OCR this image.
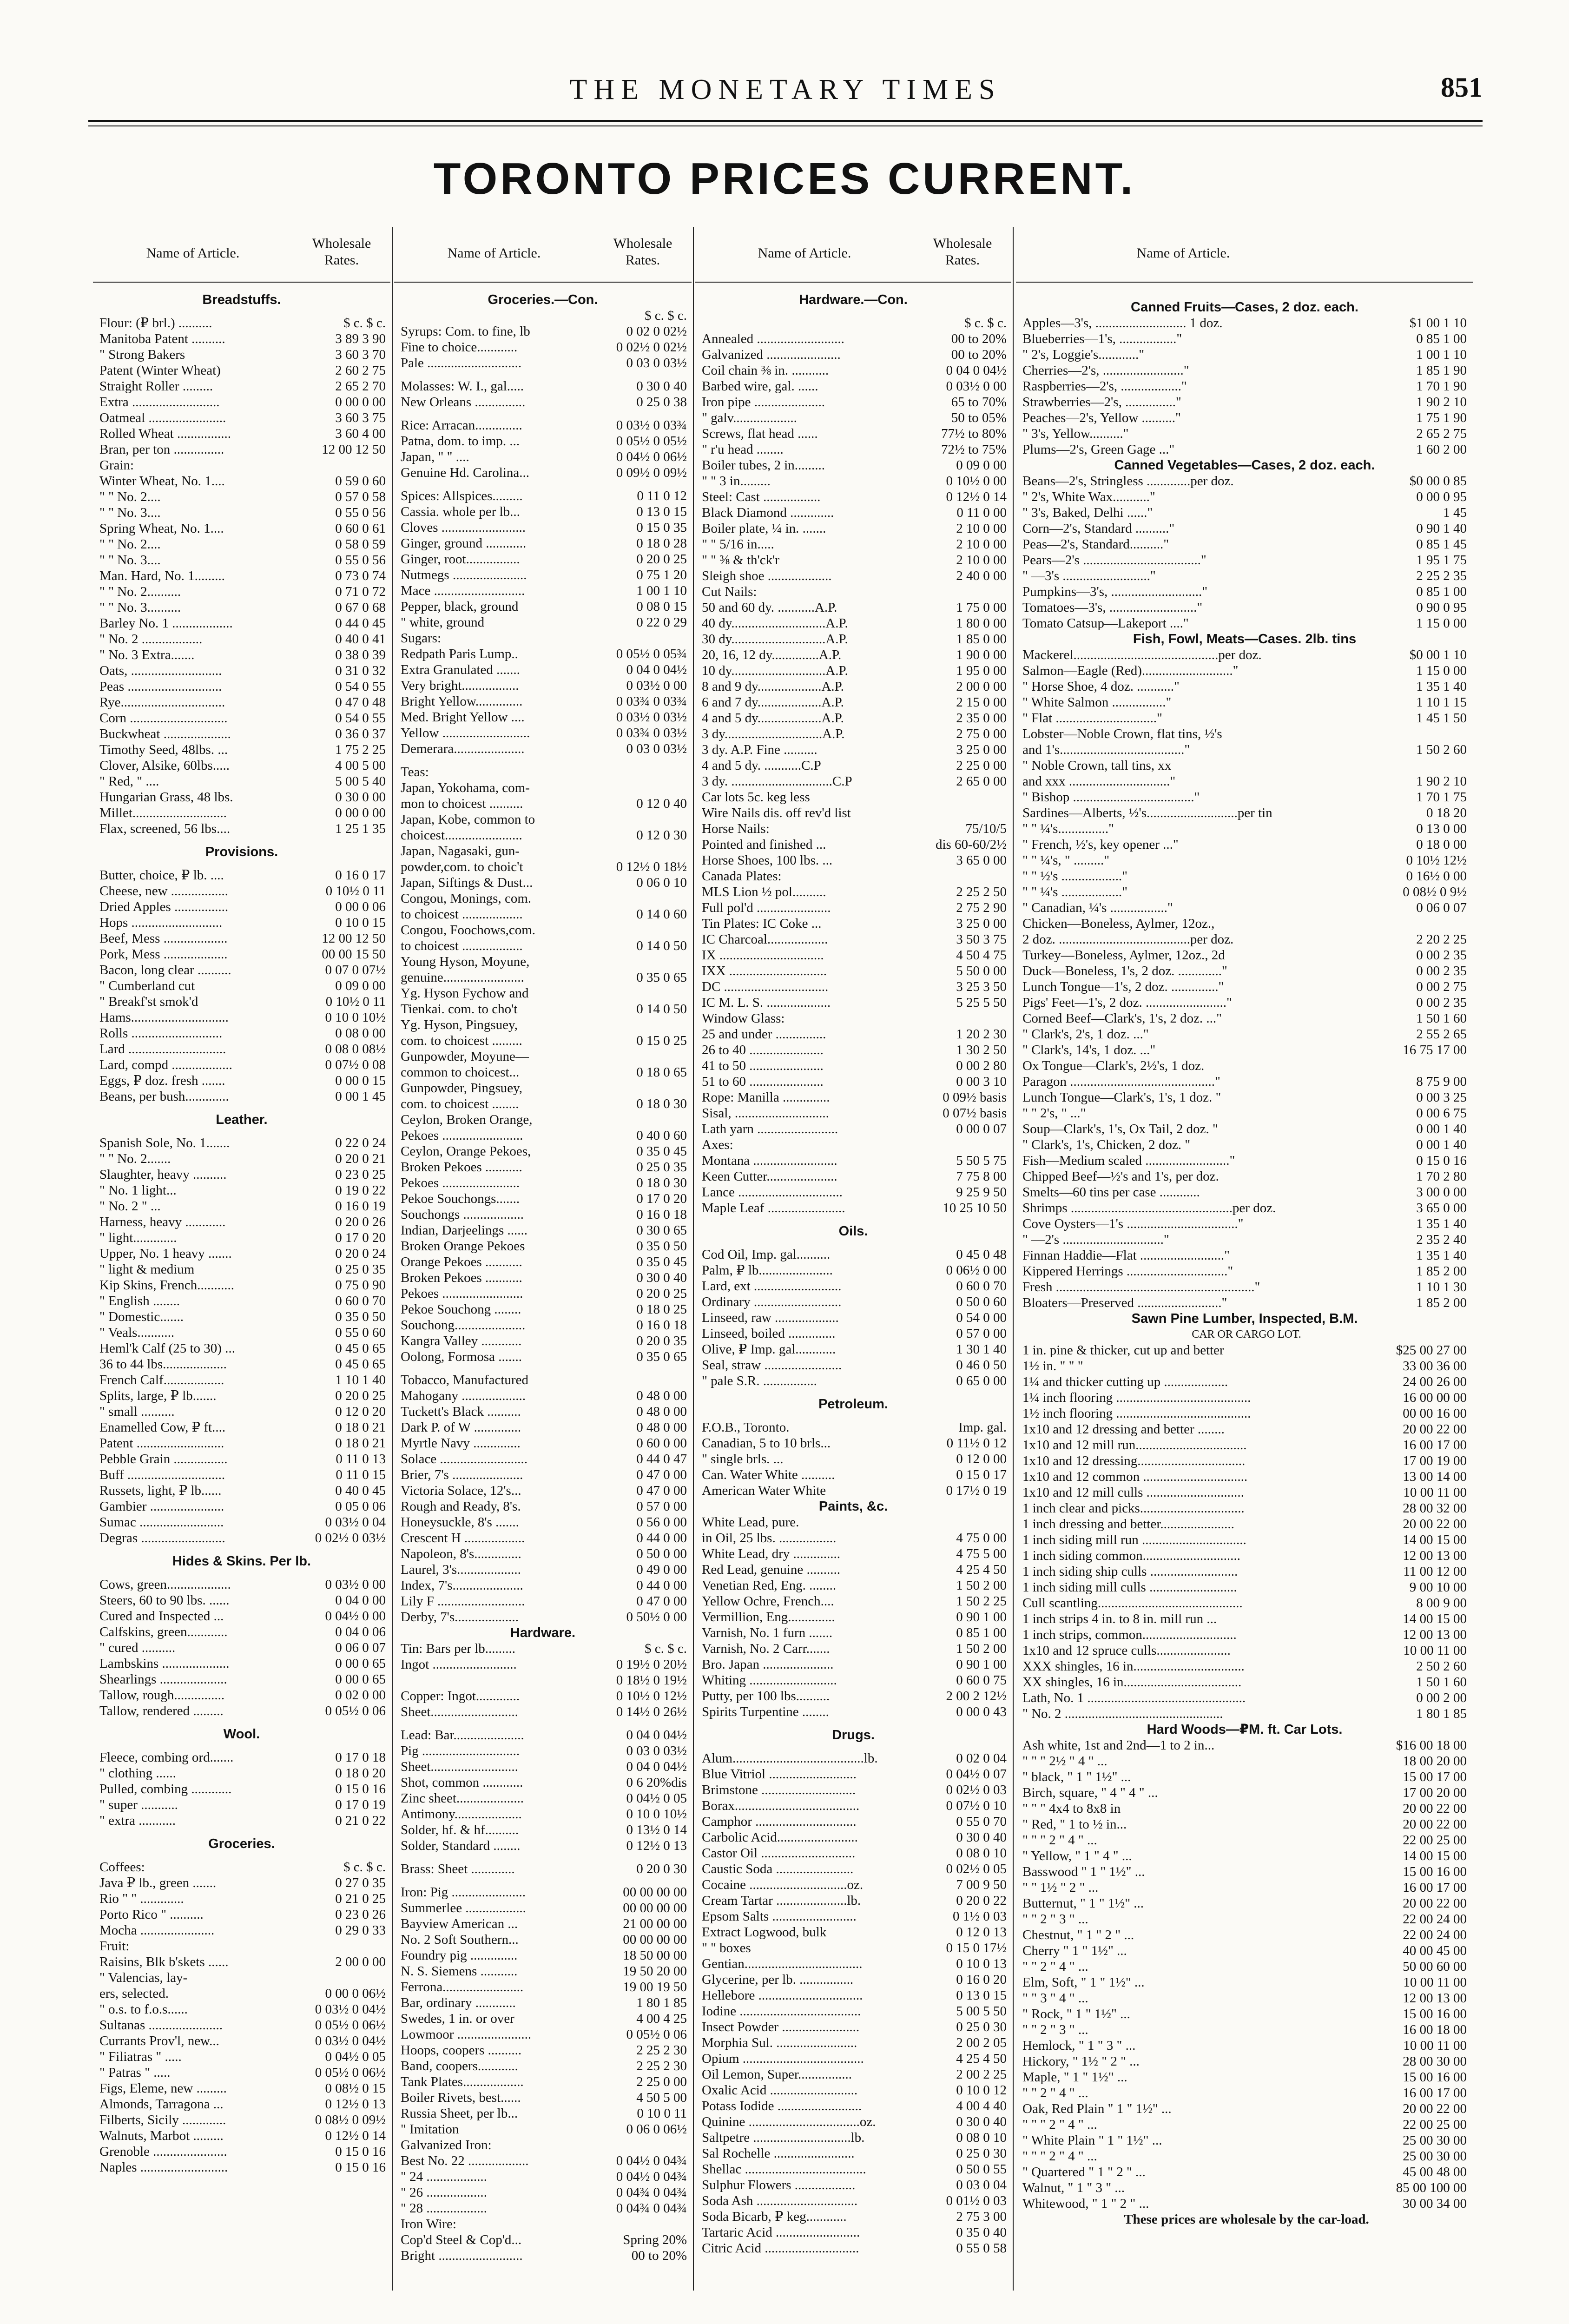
THE MONETARY TIMES	851
TORONTO PRICES CURRENT.
Name of Article.
Wholesale Rates.
Breadstuffs.
Flour: (₽ brl.) ..........	$ c. $ c.
Manitoba Patent ..........	3 89 3 90
" Strong Bakers	3 60 3 70
Patent (Winter Wheat)	2 60 2 75
Straight Roller .........	2 65 2 70
Extra ..........................	0 00 0 00
Oatmeal .......................	3 60 3 75
Rolled Wheat ................	3 60 4 00
Bran, per ton ...............	12 00 12 50
Grain:
Winter Wheat, No. 1....	0 59 0 60
" " No. 2....	0 57 0 58
" " No. 3....	0 55 0 56
Spring Wheat, No. 1....	0 60 0 61
" " No. 2....	0 58 0 59
" " No. 3....	0 55 0 56
Man. Hard, No. 1.........	0 73 0 74
" " No. 2..........	0 71 0 72
" " No. 3..........	0 67 0 68
Barley No. 1 ..................	0 44 0 45
" No. 2 ..................	0 40 0 41
" No. 3 Extra.......	0 38 0 39
Oats, ...........................	0 31 0 32
Peas ............................	0 54 0 55
Rye...............................	0 47 0 48
Corn .............................	0 54 0 55
Buckwheat ....................	0 36 0 37
Timothy Seed, 48lbs. ...	1 75 2 25
Clover, Alsike, 60lbs.....	4 00 5 00
" Red, " ....	5 00 5 40
Hungarian Grass, 48 lbs.	0 30 0 00
Millet............................	0 00 0 00
Flax, screened, 56 lbs....	1 25 1 35
Provisions.
Butter, choice, ₽ lb. ....	0 16 0 17
Cheese, new .................	0 10½ 0 11
Dried Apples ................	0 00 0 06
Hops ...........................	0 10 0 15
Beef, Mess ...................	12 00 12 50
Pork, Mess ...................	00 00 15 50
Bacon, long clear ..........	0 07 0 07½
" Cumberland cut	0 09 0 00
" Breakf'st smok'd	0 10½ 0 11
Hams.............................	0 10 0 10½
Rolls ...........................	0 08 0 00
Lard .............................	0 08 0 08½
Lard, compd ..................	0 07½ 0 08
Eggs, ₽ doz. fresh .......	0 00 0 15
Beans, per bush.............	0 00 1 45
Leather.
Spanish Sole, No. 1.......	0 22 0 24
" " No. 2.......	0 20 0 21
Slaughter, heavy ..........	0 23 0 25
" No. 1 light...	0 19 0 22
" No. 2 " ...	0 16 0 19
Harness, heavy ............	0 20 0 26
" light.............	0 17 0 20
Upper, No. 1 heavy .......	0 20 0 24
" light & medium	0 25 0 35
Kip Skins, French...........	0 75 0 90
" English ........	0 60 0 70
" Domestic.......	0 35 0 50
" Veals...........	0 55 0 60
Heml'k Calf (25 to 30) ...	0 45 0 65
36 to 44 lbs...................	0 45 0 65
French Calf..................	1 10 1 40
Splits, large, ₽ lb.......	0 20 0 25
" small ..........	0 12 0 20
Enamelled Cow, ₽ ft....	0 18 0 21
Patent ..........................	0 18 0 21
Pebble Grain ................	0 11 0 13
Buff .............................	0 11 0 15
Russets, light, ₽ lb......	0 40 0 45
Gambier ......................	0 05 0 06
Sumac .........................	0 03½ 0 04
Degras .........................	0 02½ 0 03½
Hides & Skins. Per lb.
Cows, green...................	0 03½ 0 00
Steers, 60 to 90 lbs. ......	0 04 0 00
Cured and Inspected ...	0 04½ 0 00
Calfskins, green............	0 04 0 06
" cured ..........	0 06 0 07
Lambskins ....................	0 00 0 65
Shearlings ....................	0 00 0 65
Tallow, rough...............	0 02 0 00
Tallow, rendered .........	0 05½ 0 06
Wool.
Fleece, combing ord.......	0 17 0 18
" clothing ......	0 18 0 20
Pulled, combing ............	0 15 0 16
" super ...........	0 17 0 19
" extra ...........	0 21 0 22
Groceries.
Coffees:	$ c. $ c.
Java ₽ lb., green .......	0 27 0 35
Rio " " .............	0 21 0 25
Porto Rico " ..........	0 23 0 26
Mocha ......................	0 29 0 33
Fruit:
Raisins, Blk b'skets ......	2 00 0 00
" Valencias, lay-
ers, selected.	0 00 0 06½
" o.s. to f.o.s......	0 03½ 0 04½
Sultanas ......................	0 05½ 0 06½
Currants Prov'l, new...	0 03½ 0 04½
" Filiatras " .....	0 04½ 0 05
" Patras " .....	0 05½ 0 06½
Figs, Eleme, new .........	0 08½ 0 15
Almonds, Tarragona ...	0 12½ 0 13
Filberts, Sicily .............	0 08½ 0 09½
Walnuts, Marbot .........	0 12½ 0 14
Grenoble ......................	0 15 0 16
Naples ..........................	0 15 0 16
Name of Article.
Wholesale Rates.
Groceries.—Con.
$ c. $ c.
Syrups: Com. to fine, lb	0 02 0 02½
Fine to choice............	0 02½ 0 02½
Pale ............................	0 03 0 03½
Molasses: W. I., gal.....	0 30 0 40
New Orleans ...............	0 25 0 38
Rice: Arracan..............	0 03½ 0 03¾
Patna, dom. to imp. ...	0 05½ 0 05½
Japan, " " ....	0 04½ 0 06½
Genuine Hd. Carolina...	0 09½ 0 09½
Spices: Allspices.........	0 11 0 12
Cassia. whole per lb...	0 13 0 15
Cloves .........................	0 15 0 35
Ginger, ground ............	0 18 0 28
Ginger, root................	0 20 0 25
Nutmegs ......................	0 75 1 20
Mace ...........................	1 00 1 10
Pepper, black, ground	0 08 0 15
" white, ground	0 22 0 29
Sugars:
Redpath Paris Lump..	0 05½ 0 05¾
Extra Granulated .......	0 04 0 04½
Very bright.................	0 03½ 0 00
Bright Yellow..............	0 03¾ 0 03¾
Med. Bright Yellow ....	0 03½ 0 03½
Yellow ..........................	0 03¾ 0 03½
Demerara.....................	0 03 0 03½
Teas:
Japan, Yokohama, com-
mon to choicest ..........	0 12 0 40
Japan, Kobe, common to
choicest.......................	0 12 0 30
Japan, Nagasaki, gun-
powder,com. to choic't	0 12½ 0 18½
Japan, Siftings & Dust...	0 06 0 10
Congou, Monings, com.
to choicest ..................	0 14 0 60
Congou, Foochows,com.
to choicest ..................	0 14 0 50
Young Hyson, Moyune,
genuine........................	0 35 0 65
Yg. Hyson Fychow and
Tienkai. com. to cho't	0 14 0 50
Yg. Hyson, Pingsuey,
com. to choicest .........	0 15 0 25
Gunpowder, Moyune—
common to choicest...	0 18 0 65
Gunpowder, Pingsuey,
com. to choicest ........	0 18 0 30
Ceylon, Broken Orange,
Pekoes ........................	0 40 0 60
Ceylon, Orange Pekoes,	0 35 0 45
Broken Pekoes ...........	0 25 0 35
Pekoes .......................	0 18 0 30
Pekoe Souchongs.......	0 17 0 20
Souchongs ..................	0 16 0 18
Indian, Darjeelings ......	0 30 0 65
Broken Orange Pekoes	0 35 0 50
Orange Pekoes ...........	0 35 0 45
Broken Pekoes ...........	0 30 0 40
Pekoes ........................	0 20 0 25
Pekoe Souchong ........	0 18 0 25
Souchong.....................	0 16 0 18
Kangra Valley ............	0 20 0 35
Oolong, Formosa .......	0 35 0 65
Tobacco, Manufactured
Mahogany ...................	0 48 0 00
Tuckett's Black ..........	0 48 0 00
Dark P. of W ..............	0 48 0 00
Myrtle Navy ..............	0 60 0 00
Solace ..........................	0 44 0 47
Brier, 7's .....................	0 47 0 00
Victoria Solace, 12's...	0 47 0 00
Rough and Ready, 8's.	0 57 0 00
Honeysuckle, 8's .......	0 56 0 00
Crescent H ..................	0 44 0 00
Napoleon, 8's..............	0 50 0 00
Laurel, 3's...................	0 49 0 00
Index, 7's.....................	0 44 0 00
Lily F ..........................	0 47 0 00
Derby, 7's...................	0 50½ 0 00
Hardware.
Tin: Bars per lb.........	$ c. $ c.
Ingot .........................	0 19½ 0 20½
0 18½ 0 19½
Copper: Ingot.............	0 10½ 0 12½
Sheet..........................	0 14½ 0 26½
Lead: Bar.....................	0 04 0 04½
Pig .............................	0 03 0 03½
Sheet..........................	0 04 0 04½
Shot, common ............	0 6 20%dis
Zinc sheet....................	0 04½ 0 05
Antimony....................	0 10 0 10½
Solder, hf. & hf..........	0 13½ 0 14
Solder, Standard ........	0 12½ 0 13
Brass: Sheet .............	0 20 0 30
Iron: Pig ......................	00 00 00 00
Summerlee ..................	00 00 00 00
Bayview American ...	21 00 00 00
No. 2 Soft Southern...	00 00 00 00
Foundry pig ..............	18 50 00 00
N. S. Siemens ...........	19 50 20 00
Ferrona........................	19 00 19 50
Bar, ordinary ............	1 80 1 85
Swedes, 1 in. or over	4 00 4 25
Lowmoor ......................	0 05½ 0 06
Hoops, coopers ..........	2 25 2 30
Band, coopers............	2 25 2 30
Tank Plates..................	2 25 0 00
Boiler Rivets, best......	4 50 5 00
Russia Sheet, per lb...	0 10 0 11
" Imitation	0 06 0 06½
Galvanized Iron:
Best No. 22 ..................	0 04½ 0 04¾
" 24 ..................	0 04½ 0 04¾
" 26 ..................	0 04¾ 0 04¾
" 28 ..................	0 04¾ 0 04¾
Iron Wire:
Cop'd Steel & Cop'd...	Spring 20%
Bright .........................	00 to 20%
Name of Article.
Wholesale Rates.
Hardware.—Con.
$ c. $ c.
Annealed ..........................	00 to 20%
Galvanized ......................	00 to 20%
Coil chain ⅜ in. ...........	0 04 0 04½
Barbed wire, gal. ......	0 03½ 0 00
Iron pipe .....................	65 to 70%
" galv...................	50 to 05%
Screws, flat head ......	77½ to 80%
" r'u head ........	72½ to 75%
Boiler tubes, 2 in.........	0 09 0 00
" " 3 in.........	0 10½ 0 00
Steel: Cast .................	0 12½ 0 14
Black Diamond .............	0 11 0 00
Boiler plate, ¼ in. .......	2 10 0 00
" " 5/16 in.....	2 10 0 00
" " ⅜ & th'ck'r	2 10 0 00
Sleigh shoe ...................	2 40 0 00
Cut Nails:
50 and 60 dy. ...........A.P.	1 75 0 00
40 dy............................A.P.	1 80 0 00
30 dy............................A.P.	1 85 0 00
20, 16, 12 dy..............A.P.	1 90 0 00
10 dy............................A.P.	1 95 0 00
8 and 9 dy...................A.P.	2 00 0 00
6 and 7 dy...................A.P.	2 15 0 00
4 and 5 dy...................A.P.	2 35 0 00
3 dy.............................A.P.	2 75 0 00
3 dy. A.P. Fine ..........	3 25 0 00
4 and 5 dy. ...........C.P	2 25 0 00
3 dy. ..............................C.P	2 65 0 00
Car lots 5c. keg less
Wire Nails dis. off rev'd list
Horse Nails:	75/10/5
Pointed and finished ...	dis 60-60/2½
Horse Shoes, 100 lbs. ...	3 65 0 00
Canada Plates:
MLS Lion ½ pol..........	2 25 2 50
Full pol'd ......................	2 75 2 90
Tin Plates: IC Coke ...	3 25 0 00
IC Charcoal..................	3 50 3 75
IX ...............................	4 50 4 75
IXX .............................	5 50 0 00
DC ...............................	3 25 3 50
IC M. L. S. ...................	5 25 5 50
Window Glass:
25 and under ...............	1 20 2 30
26 to 40 ......................	1 30 2 50
41 to 50 ......................	0 00 2 80
51 to 60 ......................	0 00 3 10
Rope: Manilla ..............	0 09½ basis
Sisal, ............................	0 07½ basis
Lath yarn ........................	0 00 0 07
Axes:
Montana .........................	5 50 5 75
Keen Cutter.....................	7 75 8 00
Lance ...............................	9 25 9 50
Maple Leaf .......................	10 25 10 50
Oils.
Cod Oil, Imp. gal..........	0 45 0 48
Palm, ₽ lb......................	0 06½ 0 00
Lard, ext ..........................	0 60 0 70
Ordinary ..........................	0 50 0 60
Linseed, raw ...................	0 54 0 00
Linseed, boiled ..............	0 57 0 00
Olive, ₽ Imp. gal............	1 30 1 40
Seal, straw .......................	0 46 0 50
" pale S.R. ................	0 65 0 00
Petroleum.
F.O.B., Toronto.	Imp. gal.
Canadian, 5 to 10 brls...	0 11½ 0 12
" single brls. ...	0 12 0 00
Can. Water White ..........	0 15 0 17
American Water White	0 17½ 0 19
Paints, &c.
White Lead, pure.
in Oil, 25 lbs. .................	4 75 0 00
White Lead, dry ..............	4 75 5 00
Red Lead, genuine ..........	4 25 4 50
Venetian Red, Eng. ........	1 50 2 00
Yellow Ochre, French....	1 50 2 25
Vermillion, Eng..............	0 90 1 00
Varnish, No. 1 furn .......	0 85 1 00
Varnish, No. 2 Carr.......	1 50 2 00
Bro. Japan .....................	0 90 1 00
Whiting ..........................	0 60 0 75
Putty, per 100 lbs..........	2 00 2 12½
Spirits Turpentine ........	0 00 0 43
Drugs.
Alum.......................................lb.	0 02 0 04
Blue Vitriol ..........................	0 04½ 0 07
Brimstone ............................	0 02½ 0 03
Borax.....................................	0 07½ 0 10
Camphor ..............................	0 55 0 70
Carbolic Acid........................	0 30 0 40
Castor Oil ............................	0 08 0 10
Caustic Soda .......................	0 02½ 0 05
Cocaine .............................oz.	7 00 9 50
Cream Tartar .....................lb.	0 20 0 22
Epsom Salts .........................	0 1½ 0 03
Extract Logwood, bulk	0 12 0 13
" " boxes	0 15 0 17½
Gentian...................................	0 10 0 13
Glycerine, per lb. ................	0 16 0 20
Hellebore ...............................	0 13 0 15
Iodine ....................................	5 00 5 50
Insect Powder .......................	0 25 0 30
Morphia Sul. ........................	2 00 2 05
Opium ....................................	4 25 4 50
Oil Lemon, Super................	2 00 2 25
Oxalic Acid ..........................	0 10 0 12
Potass Iodide .........................	4 00 4 40
Quinine .................................oz.	0 30 0 40
Saltpetre .............................lb.	0 08 0 10
Sal Rochelle ........................	0 25 0 30
Shellac ....................................	0 50 0 55
Sulphur Flowers ..................	0 03 0 04
Soda Ash ..............................	0 01½ 0 03
Soda Bicarb, ₽ keg............	2 75 3 00
Tartaric Acid .........................	0 35 0 40
Citric Acid ............................	0 55 0 58
Name of Article.
Canned Fruits—Cases, 2 doz. each.
Apples—3's, ........................... 1 doz.	$1 00 1 10
Blueberries—1's, ................."	0 85 1 00
" 2's, Loggie's............"	1 00 1 10
Cherries—2's, ........................"	1 85 1 90
Raspberries—2's, .................."	1 70 1 90
Strawberries—2's, ..............."	1 90 2 10
Peaches—2's, Yellow .........."	1 75 1 90
" 3's, Yellow.........."	2 65 2 75
Plums—2's, Green Gage ..."	1 60 2 00
Canned Vegetables—Cases, 2 doz. each.
Beans—2's, Stringless .............per doz.	$0 00 0 85
" 2's, White Wax..........."	0 00 0 95
" 3's, Baked, Delhi ......"	1 45
Corn—2's, Standard .........."	0 90 1 40
Peas—2's, Standard.........."	0 85 1 45
Pears—2's ..................................."	1 95 1 75
" —3's .........................."	2 25 2 35
Pumpkins—3's, ..........................."	0 85 1 00
Tomatoes—3's, .........................."	0 90 0 95
Tomato Catsup—Lakeport ...."	1 15 0 00
Fish, Fowl, Meats—Cases. 2lb. tins
Mackerel...........................................per doz.	$0 00 1 10
Salmon—Eagle (Red)..........................."	1 15 0 00
" Horse Shoe, 4 doz. ..........."	1 35 1 40
" White Salmon ................"	1 10 1 15
" Flat .............................."	1 45 1 50
Lobster—Noble Crown, flat tins, ½'s
and 1's....................................."	1 50 2 60
" Noble Crown, tall tins, xx
and xxx .............................."	1 90 2 10
" Bishop ...................................."	1 70 1 75
Sardines—Alberts, ½'s...........................per tin	0 18 20
" " ¼'s..............."	0 13 0 00
" French, ½'s, key opener ..."	0 18 0 00
" " ¼'s, " ........."	0 10½ 12½
" " ½'s .................."	0 16½ 0 00
" " ¼'s .................."	0 08½ 0 9½
" Canadian, ¼'s ................."	0 06 0 07
Chicken—Boneless, Aylmer, 12oz.,
2 doz. .......................................per doz.	2 20 2 25
Turkey—Boneless, Aylmer, 12oz., 2d	0 00 2 35
Duck—Boneless, 1's, 2 doz. ............."	0 00 2 35
Lunch Tongue—1's, 2 doz. .............."	0 00 2 75
Pigs' Feet—1's, 2 doz. ........................"	0 00 2 35
Corned Beef—Clark's, 1's, 2 doz. ..."	1 50 1 60
" Clark's, 2's, 1 doz. ..."	2 55 2 65
" Clark's, 14's, 1 doz. ..."	16 75 17 00
Ox Tongue—Clark's, 2½'s, 1 doz.
Paragon ..........................................."	8 75 9 00
Lunch Tongue—Clark's, 1's, 1 doz. "	0 00 3 25
" " 2's, " ..."	0 00 6 75
Soup—Clark's, 1's, Ox Tail, 2 doz. "	0 00 1 40
" Clark's, 1's, Chicken, 2 doz. "	0 00 1 40
Fish—Medium scaled ........................."	0 15 0 16
Chipped Beef—½'s and 1's, per doz.	1 70 2 80
Smelts—60 tins per case ............	3 00 0 00
Shrimps ................................................per doz.	3 65 0 00
Cove Oysters—1's ................................."	1 35 1 40
" —2's .............................."	2 35 2 40
Finnan Haddie—Flat ........................."	1 35 1 40
Kippered Herrings .............................."	1 85 2 00
Fresh ..........................................................."	1 10 1 30
Bloaters—Preserved ........................."	1 85 2 00
Sawn Pine Lumber, Inspected, B.M.
CAR OR CARGO LOT.
1 in. pine & thicker, cut up and better	$25 00 27 00
1½ in. " " "	33 00 36 00
1¼ and thicker cutting up ...................	24 00 26 00
1¼ inch flooring ........................................	16 00 00 00
1½ inch flooring ........................................	00 00 16 00
1x10 and 12 dressing and better ........	20 00 22 00
1x10 and 12 mill run.................................	16 00 17 00
1x10 and 12 dressing................................	17 00 19 00
1x10 and 12 common ...............................	13 00 14 00
1x10 and 12 mill culls .............................	10 00 11 00
1 inch clear and picks...............................	28 00 32 00
1 inch dressing and better......................	20 00 22 00
1 inch siding mill run ...............................	14 00 15 00
1 inch siding common.............................	12 00 13 00
1 inch siding ship culls ..........................	11 00 12 00
1 inch siding mill culls ..........................	9 00 10 00
Cull scantling...........................................	8 00 9 00
1 inch strips 4 in. to 8 in. mill run ...	14 00 15 00
1 inch strips, common............................	12 00 13 00
1x10 and 12 spruce culls......................	10 00 11 00
XXX shingles, 16 in.................................	2 50 2 60
XX shingles, 16 in...................................	1 50 1 60
Lath, No. 1 ...............................................	0 00 2 00
" No. 2 ...............................................	1 80 1 85
Hard Woods—₽M. ft. Car Lots.
Ash white, 1st and 2nd—1 to 2 in...	$16 00 18 00
" " " 2½ " 4 " ...	18 00 20 00
" black, " 1 " 1½" ...	15 00 17 00
Birch, square, " 4 " 4 " ...	17 00 20 00
" " " 4x4 to 8x8 in	20 00 22 00
" Red, " 1 to ½ in...	20 00 22 00
" " " 2 " 4 " ...	22 00 25 00
" Yellow, " 1 " 4 " ...	14 00 15 00
Basswood " 1 " 1½" ...	15 00 16 00
" " 1½ " 2 " ...	16 00 17 00
Butternut, " 1 " 1½" ...	20 00 22 00
" " 2 " 3 " ...	22 00 24 00
Chestnut, " 1 " 2 " ...	22 00 24 00
Cherry " 1 " 1½" ...	40 00 45 00
" " 2 " 4 " ...	50 00 60 00
Elm, Soft, " 1 " 1½" ...	10 00 11 00
" " 3 " 4 " ...	12 00 13 00
" Rock, " 1 " 1½" ...	15 00 16 00
" " 2 " 3 " ...	16 00 18 00
Hemlock, " 1 " 3 " ...	10 00 11 00
Hickory, " 1½ " 2 " ...	28 00 30 00
Maple, " 1 " 1½" ...	15 00 16 00
" " 2 " 4 " ...	16 00 17 00
Oak, Red Plain " 1 " 1½" ...	20 00 22 00
" " " 2 " 4 " ...	22 00 25 00
" White Plain " 1 " 1½" ...	25 00 30 00
" " " 2 " 4 " ...	25 00 30 00
" Quartered " 1 " 2 " ...	45 00 48 00
Walnut, " 1 " 3 " ...	85 00 100 00
Whitewood, " 1 " 2 " ...	30 00 34 00
These prices are wholesale by the car-load.
